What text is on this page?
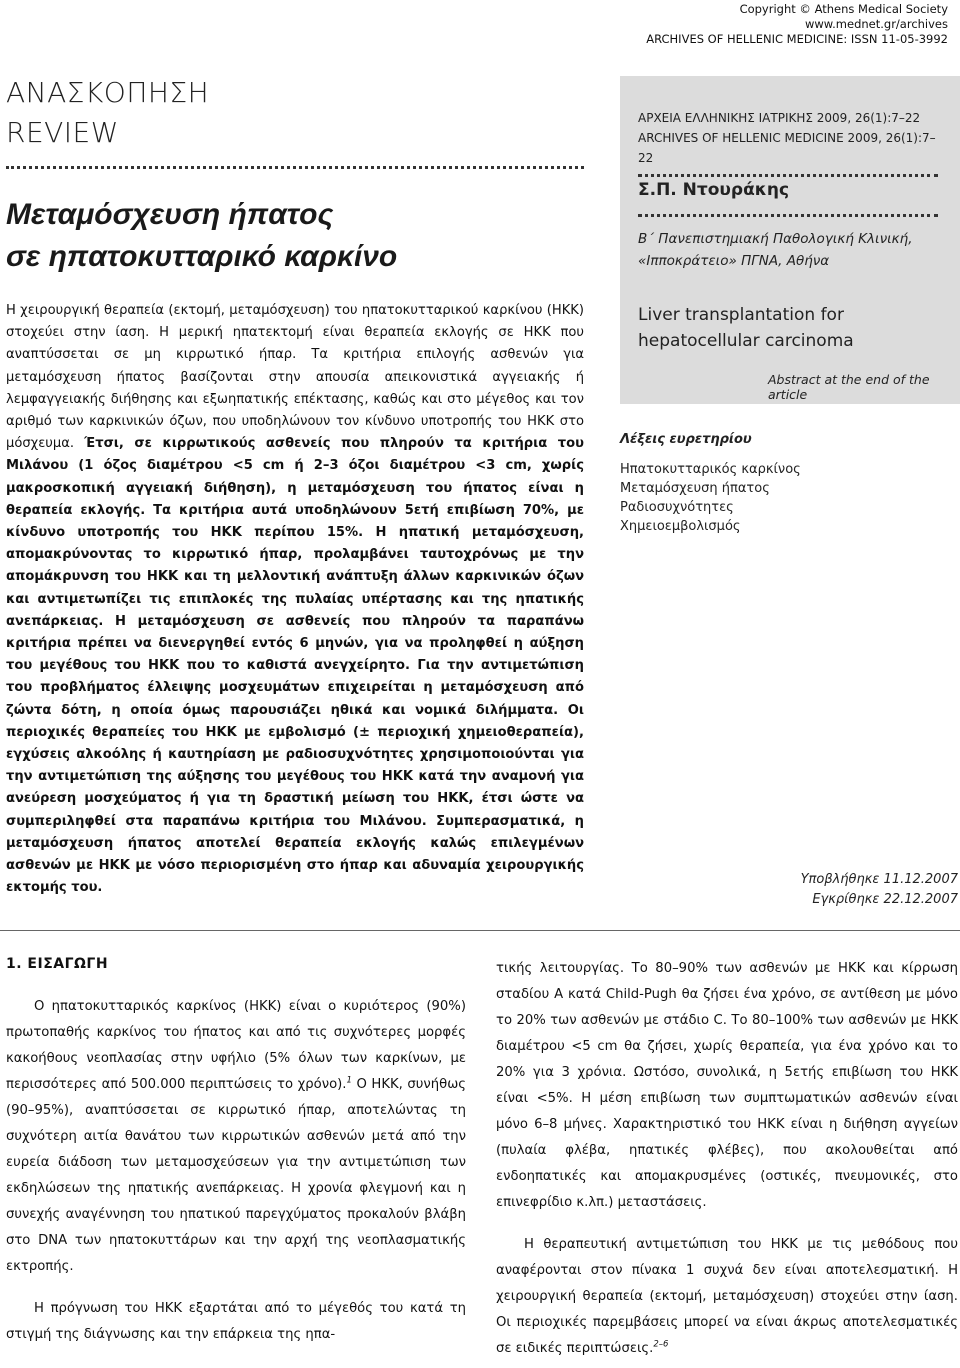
Copyright © Athens Medical Society
www.mednet.gr/archives
ARCHIVES OF HELLENIC MEDICINE: ISSN 11-05-3992
ΑΝΑΣΚΟΠΗΣΗ
REVIEW
Μεταμόσχευση ήπατος
σε ηπατοκυτταρικό καρκίνο
ΑΡΧΕΙΑ ΕΛΛΗΝΙΚΗΣ ΙΑΤΡΙΚΗΣ 2009, 26(1):7–22
ARCHIVES OF HELLENIC MEDICINE 2009, 26(1):7–22
Σ.Π. Ντουράκης
Β΄ Πανεπιστημιακή Παθολογική Κλινική,
«Ιπποκράτειο» ΠΓΝΑ, Αθήνα
Liver transplantation for
hepatocellular carcinoma
Abstract at the end of the article
Η χειρουργική θεραπεία (εκτομή, μεταμόσχευση) του ηπατοκυτταρικού καρκίνου (ΗΚΚ) στοχεύει στην ίαση. Η μερική ηπατεκτομή είναι θεραπεία εκλογής σε ΗΚΚ που αναπτύσσεται σε μη κιρρωτικό ήπαρ. Τα κριτήρια επιλογής ασθενών για μεταμόσχευση ήπατος βασίζονται στην απουσία απεικονιστικά αγγειακής ή λεμφαγγειακής διήθησης και εξωηπατικής επέκτασης, καθώς και στο μέγεθος και τον αριθμό των καρκινικών όζων, που υποδηλώνουν τον κίνδυνο υποτροπής του ΗΚΚ στο μόσχευμα. Έτσι, σε κιρρωτικούς ασθενείς που πληρούν τα κριτήρια του Μιλάνου (1 όζος διαμέτρου <5 cm ή 2–3 όζοι διαμέτρου <3 cm, χωρίς μακροσκοπική αγγειακή διήθηση), η μεταμόσχευση του ήπατος είναι η θεραπεία εκλογής. Τα κριτήρια αυτά υποδηλώνουν 5ετή επιβίωση 70%, με κίνδυνο υποτροπής του ΗΚΚ περίπου 15%. Η ηπατική μεταμόσχευση, απομακρύνοντας το κιρρωτικό ήπαρ, προλαμβάνει ταυτοχρόνως με την απομάκρυνση του ΗΚΚ και τη μελλοντική ανάπτυξη άλλων καρκινικών όζων και αντιμετωπίζει τις επιπλοκές της πυλαίας υπέρτασης και της ηπατικής ανεπάρκειας. Η μεταμόσχευση σε ασθενείς που πληρούν τα παραπάνω κριτήρια πρέπει να διενεργηθεί εντός 6 μηνών, για να προληφθεί η αύξηση του μεγέθους του ΗΚΚ που το καθιστά ανεγχείρητο. Για την αντιμετώπιση του προβλήματος έλλειψης μοσχευμάτων επιχειρείται η μεταμόσχευση από ζώντα δότη, η οποία όμως παρουσιάζει ηθικά και νομικά διλήμματα. Οι περιοχικές θεραπείες του ΗΚΚ με εμβολισμό (± περιοχική χημειοθεραπεία), εγχύσεις αλκοόλης ή καυτηρίαση με ραδιοσυχνότητες χρησιμοποιούνται για την αντιμετώπιση της αύξησης του μεγέθους του ΗΚΚ κατά την αναμονή για ανεύρεση μοσχεύματος ή για τη δραστική μείωση του ΗΚΚ, έτσι ώστε να συμπεριληφθεί στα παραπάνω κριτήρια του Μιλάνου. Συμπερασματικά, η μεταμόσχευση ήπατος αποτελεί θεραπεία εκλογής καλώς επιλεγμένων ασθενών με ΗΚΚ με νόσο περιορισμένη στο ήπαρ και αδυναμία χειρουργικής εκτομής του.
Λέξεις ευρετηρίου
Ηπατοκυτταρικός καρκίνος
Μεταμόσχευση ήπατος
Ραδιοσυχνότητες
Χημειοεμβολισμός
Υποβλήθηκε 11.12.2007
Εγκρίθηκε 22.12.2007
1. ΕΙΣΑΓΩΓΗ

Ο ηπατοκυτταρικός καρκίνος (ΗΚΚ) είναι ο κυριότερος (90%) πρωτοπαθής καρκίνος του ήπατος και από τις συχνότερες μορφές κακοήθους νεοπλασίας στην υφήλιο (5% όλων των καρκίνων, με περισσότερες από 500.000 περιπτώσεις το χρόνο).$^1$ Ο ΗΚΚ, συνήθως (90–95%), αναπτύσσεται σε κιρρωτικό ήπαρ, αποτελώντας τη συχνότερη αιτία θανάτου των κιρρωτικών ασθενών μετά από την ευρεία διάδοση των μεταμοσχεύσεων για την αντιμετώπιση των εκδηλώσεων της ηπατικής ανεπάρκειας. Η χρονία φλεγμονή και η συνεχής αναγέννηση του ηπατικού παρεγχύματος προκαλούν βλάβη στο DNA των ηπατοκυττάρων και την αρχή της νεοπλασματικής εκτροπής.

Η πρόγνωση του ΗΚΚ εξαρτάται από το μέγεθός του κατά τη στιγμή της διάγνωσης και την επάρκεια της ηπα-

τικής λειτουργίας. Το 80–90% των ασθενών με ΗΚΚ και κίρρωση σταδίου Α κατά Child-Pugh θα ζήσει ένα χρόνο, σε αντίθεση με μόνο το 20% των ασθενών με στάδιο C. Το 80–100% των ασθενών με ΗΚΚ διαμέτρου <5 cm θα ζήσει, χωρίς θεραπεία, για ένα χρόνο και το 20% για 3 χρόνια. Ωστόσο, συνολικά, η 5ετής επιβίωση του ΗΚΚ είναι <5%. Η μέση επιβίωση των συμπτωματικών ασθενών είναι μόνο 6–8 μήνες. Χαρακτηριστικό του ΗΚΚ είναι η διήθηση αγγείων (πυλαία φλέβα, ηπατικές φλέβες), που ακολουθείται από ενδοηπατικές και απομακρυσμένες (οστικές, πνευμονικές, στο επινεφρίδιο κ.λπ.) μεταστάσεις.

Η θεραπευτική αντιμετώπιση του ΗΚΚ με τις μεθόδους που αναφέρονται στον πίνακα 1 συχνά δεν είναι αποτελεσματική. Η χειρουργική θεραπεία (εκτομή, μεταμόσχευση) στοχεύει στην ίαση. Οι περιοχικές παρεμβάσεις μπορεί να είναι άκρως αποτελεσματικές σε ειδικές περιπτώσεις.$^{2-6}$
